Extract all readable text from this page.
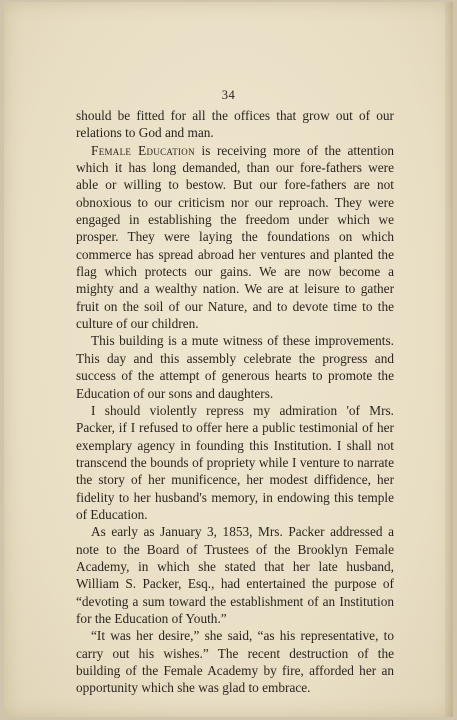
34

should be fitted for all the offices that grow out of our relations to God and man.

Female Education is receiving more of the attention which it has long demanded, than our fore-fathers were able or willing to bestow. But our fore-fathers are not obnoxious to our criticism nor our reproach. They were engaged in establishing the freedom under which we prosper. They were laying the foundations on which commerce has spread abroad her ventures and planted the flag which protects our gains. We are now become a mighty and a wealthy nation. We are at leisure to gather fruit on the soil of our Nature, and to devote time to the culture of our children.

This building is a mute witness of these improvements. This day and this assembly celebrate the progress and success of the attempt of generous hearts to promote the Education of our sons and daughters.

I should violently repress my admiration 'of Mrs. Packer, if I refused to offer here a public testimonial of her exemplary agency in founding this Institution. I shall not transcend the bounds of propriety while I venture to narrate the story of her munificence, her modest diffidence, her fidelity to her husband's memory, in endowing this temple of Education.

As early as January 3, 1853, Mrs. Packer addressed a note to the Board of Trustees of the Brooklyn Female Academy, in which she stated that her late husband, William S. Packer, Esq., had entertained the purpose of “devoting a sum toward the establishment of an Institution for the Education of Youth.”

“It was her desire,” she said, “as his representative, to carry out his wishes.” The recent destruction of the building of the Female Academy by fire, afforded her an opportunity which she was glad to embrace.
